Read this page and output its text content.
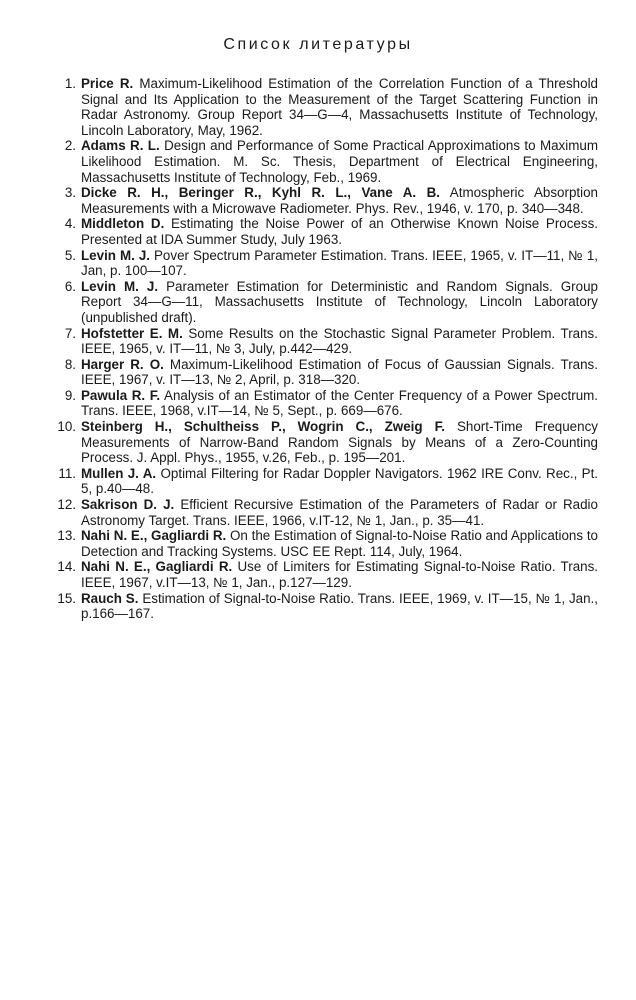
Список литературы
1. Price R. Maximum-Likelihood Estimation of the Correlation Function of a Threshold Signal and Its Application to the Measurement of the Target Scattering Function in Radar Astronomy. Group Report 34—G—4, Massachusetts Institute of Technology, Lincoln Laboratory, May, 1962.
2. Adams R. L. Design and Performance of Some Practical Approximations to Maximum Likelihood Estimation. M. Sc. Thesis, Department of Electrical Engineering, Massachusetts Institute of Technology, Feb., 1969.
3. Dicke R. H., Beringer R., Kyhl R. L., Vane A. B. Atmospheric Absorption Measurements with a Microwave Radiometer. Phys. Rev., 1946, v. 170, p. 340—348.
4. Middleton D. Estimating the Noise Power of an Otherwise Known Noise Process. Presented at IDA Summer Study, July 1963.
5. Levin M. J. Pover Spectrum Parameter Estimation. Trans. IEEE, 1965, v. IT—11, № 1, Jan, p. 100—107.
6. Levin M. J. Parameter Estimation for Deterministic and Random Signals. Group Report 34—G—11, Massachusetts Institute of Technology, Lincoln Laboratory (unpublished draft).
7. Hofstetter E. M. Some Results on the Stochastic Signal Parameter Problem. Trans. IEEE, 1965, v. IT—11, № 3, July, p.442—429.
8. Harger R. O. Maximum-Likelihood Estimation of Focus of Gaussian Signals. Trans. IEEE, 1967, v. IT—13, № 2, April, p. 318—320.
9. Pawula R. F. Analysis of an Estimator of the Center Frequency of a Power Spectrum. Trans. IEEE, 1968, v.IT—14, № 5, Sept., p. 669—676.
10. Steinberg H., Schultheiss P., Wogrin C., Zweig F. Short-Time Frequency Measurements of Narrow-Band Random Signals by Means of a Zero-Counting Process. J. Appl. Phys., 1955, v.26, Feb., p. 195—201.
11. Mullen J. A. Optimal Filtering for Radar Doppler Navigators. 1962 IRE Conv. Rec., Pt. 5, p.40—48.
12. Sakrison D. J. Efficient Recursive Estimation of the Parameters of Radar or Radio Astronomy Target. Trans. IEEE, 1966, v.IT-12, № 1, Jan., p. 35—41.
13. Nahi N. E., Gagliardi R. On the Estimation of Signal-to-Noise Ratio and Applications to Detection and Tracking Systems. USC EE Rept. 114, July, 1964.
14. Nahi N. E., Gagliardi R. Use of Limiters for Estimating Signal-to-Noise Ratio. Trans. IEEE, 1967, v.IT—13, № 1, Jan., p.127—129.
15. Rauch S. Estimation of Signal-to-Noise Ratio. Trans. IEEE, 1969, v. IT—15, № 1, Jan., p.166—167.
